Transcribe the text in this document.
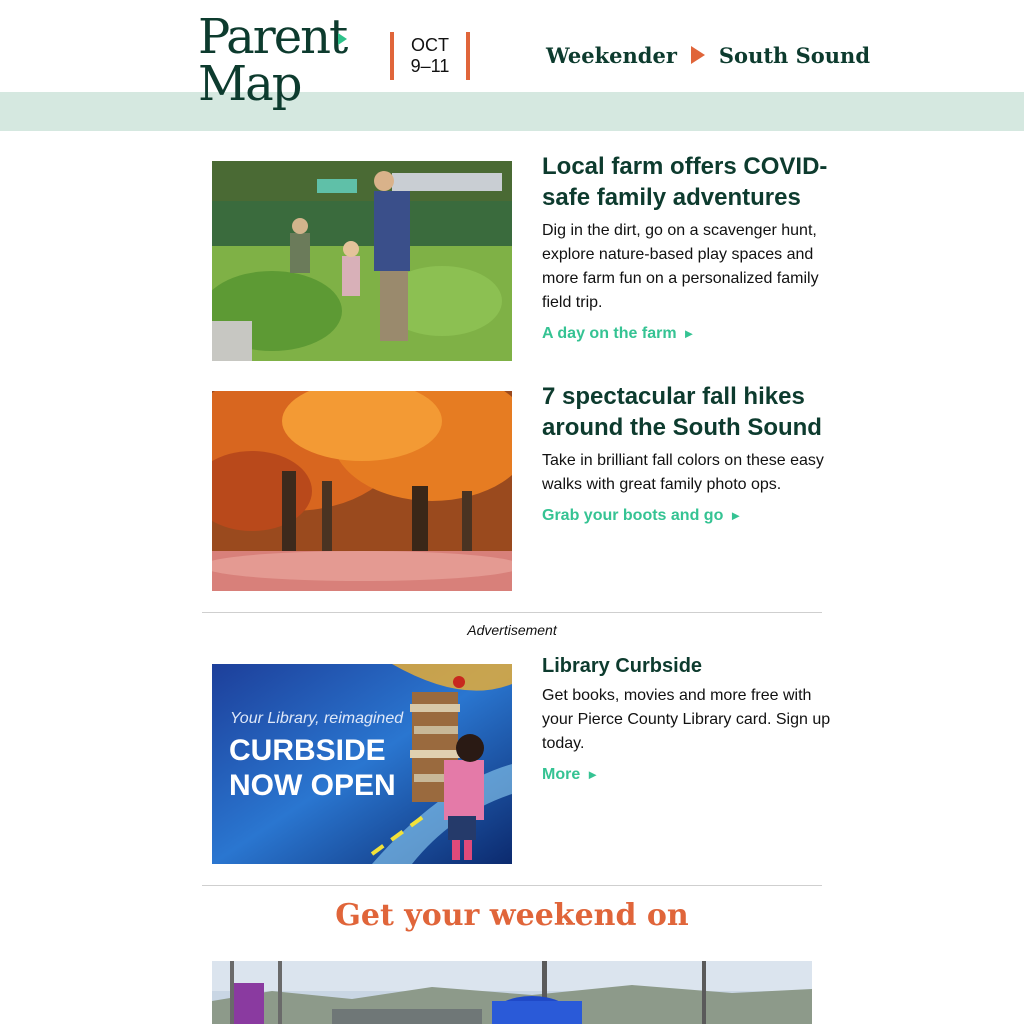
Parent
Map
OCT
9–11	Weekender South Sound
Local farm offers COVID-safe family adventures

Dig in the dirt, go on a scavenger hunt, explore nature-based play spaces and more farm fun on a personalized family field trip.

A day on the farm ►
7 spectacular fall hikes around the South Sound

Take in brilliant fall colors on these easy walks with great family photo ops.

Grab your boots and go ►
Advertisement
Your Library, reimagined
CURBSIDE
NOW OPEN
Library Curbside

Get books, movies and more free with your Pierce County Library card. Sign up today.

More ►
Get your weekend on
